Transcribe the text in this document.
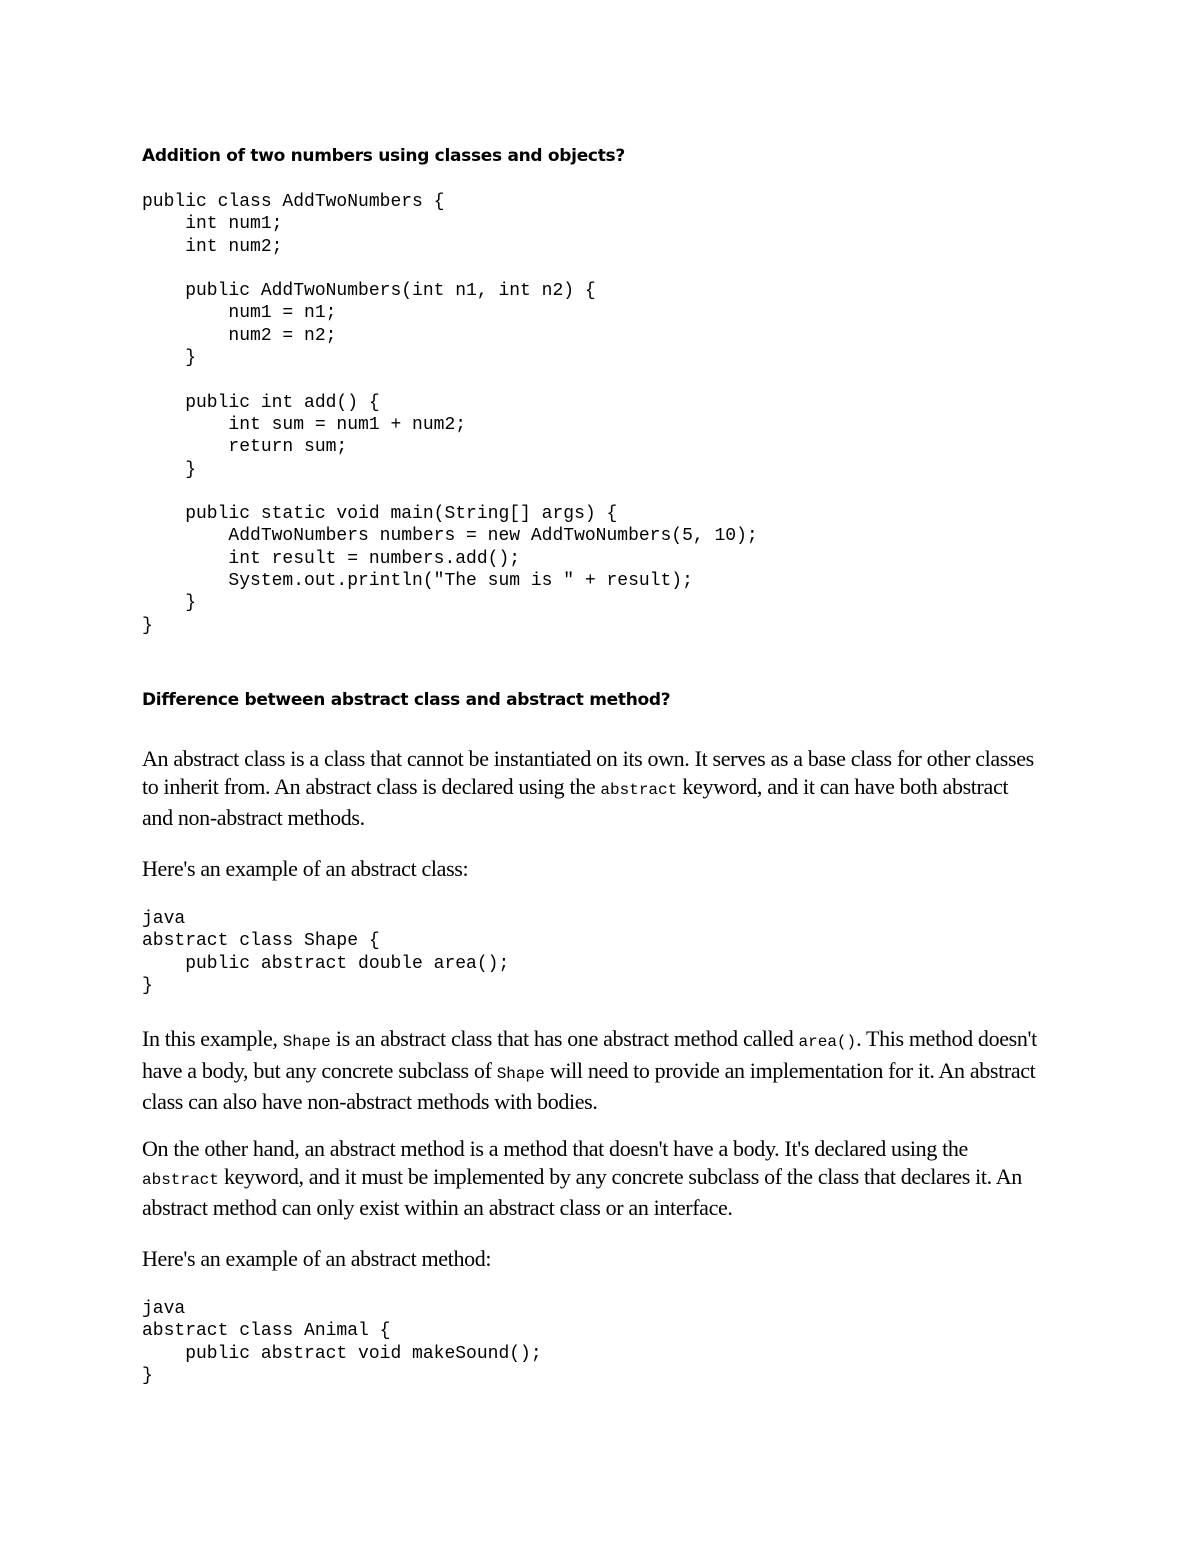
Addition of two numbers using classes and objects?
public class AddTwoNumbers {
int num1;
int num2;

public AddTwoNumbers(int n1, int n2) {
num1 = n1;
num2 = n2;
}

public int add() {
int sum = num1 + num2;
return sum;
}

public static void main(String[] args) {
AddTwoNumbers numbers = new AddTwoNumbers(5, 10);
int result = numbers.add();
System.out.println("The sum is " + result);
}
}
Difference between abstract class and abstract method?

An abstract class is a class that cannot be instantiated on its own. It serves as a base class for other classes to inherit from. An abstract class is declared using the abstract keyword, and it can have both abstract and non-abstract methods.

Here's an example of an abstract class:

java
abstract class Shape {
public abstract double area();
}

In this example, Shape is an abstract class that has one abstract method called area(). This method doesn't have a body, but any concrete subclass of Shape will need to provide an implementation for it. An abstract class can also have non-abstract methods with bodies.

On the other hand, an abstract method is a method that doesn't have a body. It's declared using the abstract keyword, and it must be implemented by any concrete subclass of the class that declares it. An abstract method can only exist within an abstract class or an interface.

Here's an example of an abstract method:

java
abstract class Animal {
public abstract void makeSound();
}
